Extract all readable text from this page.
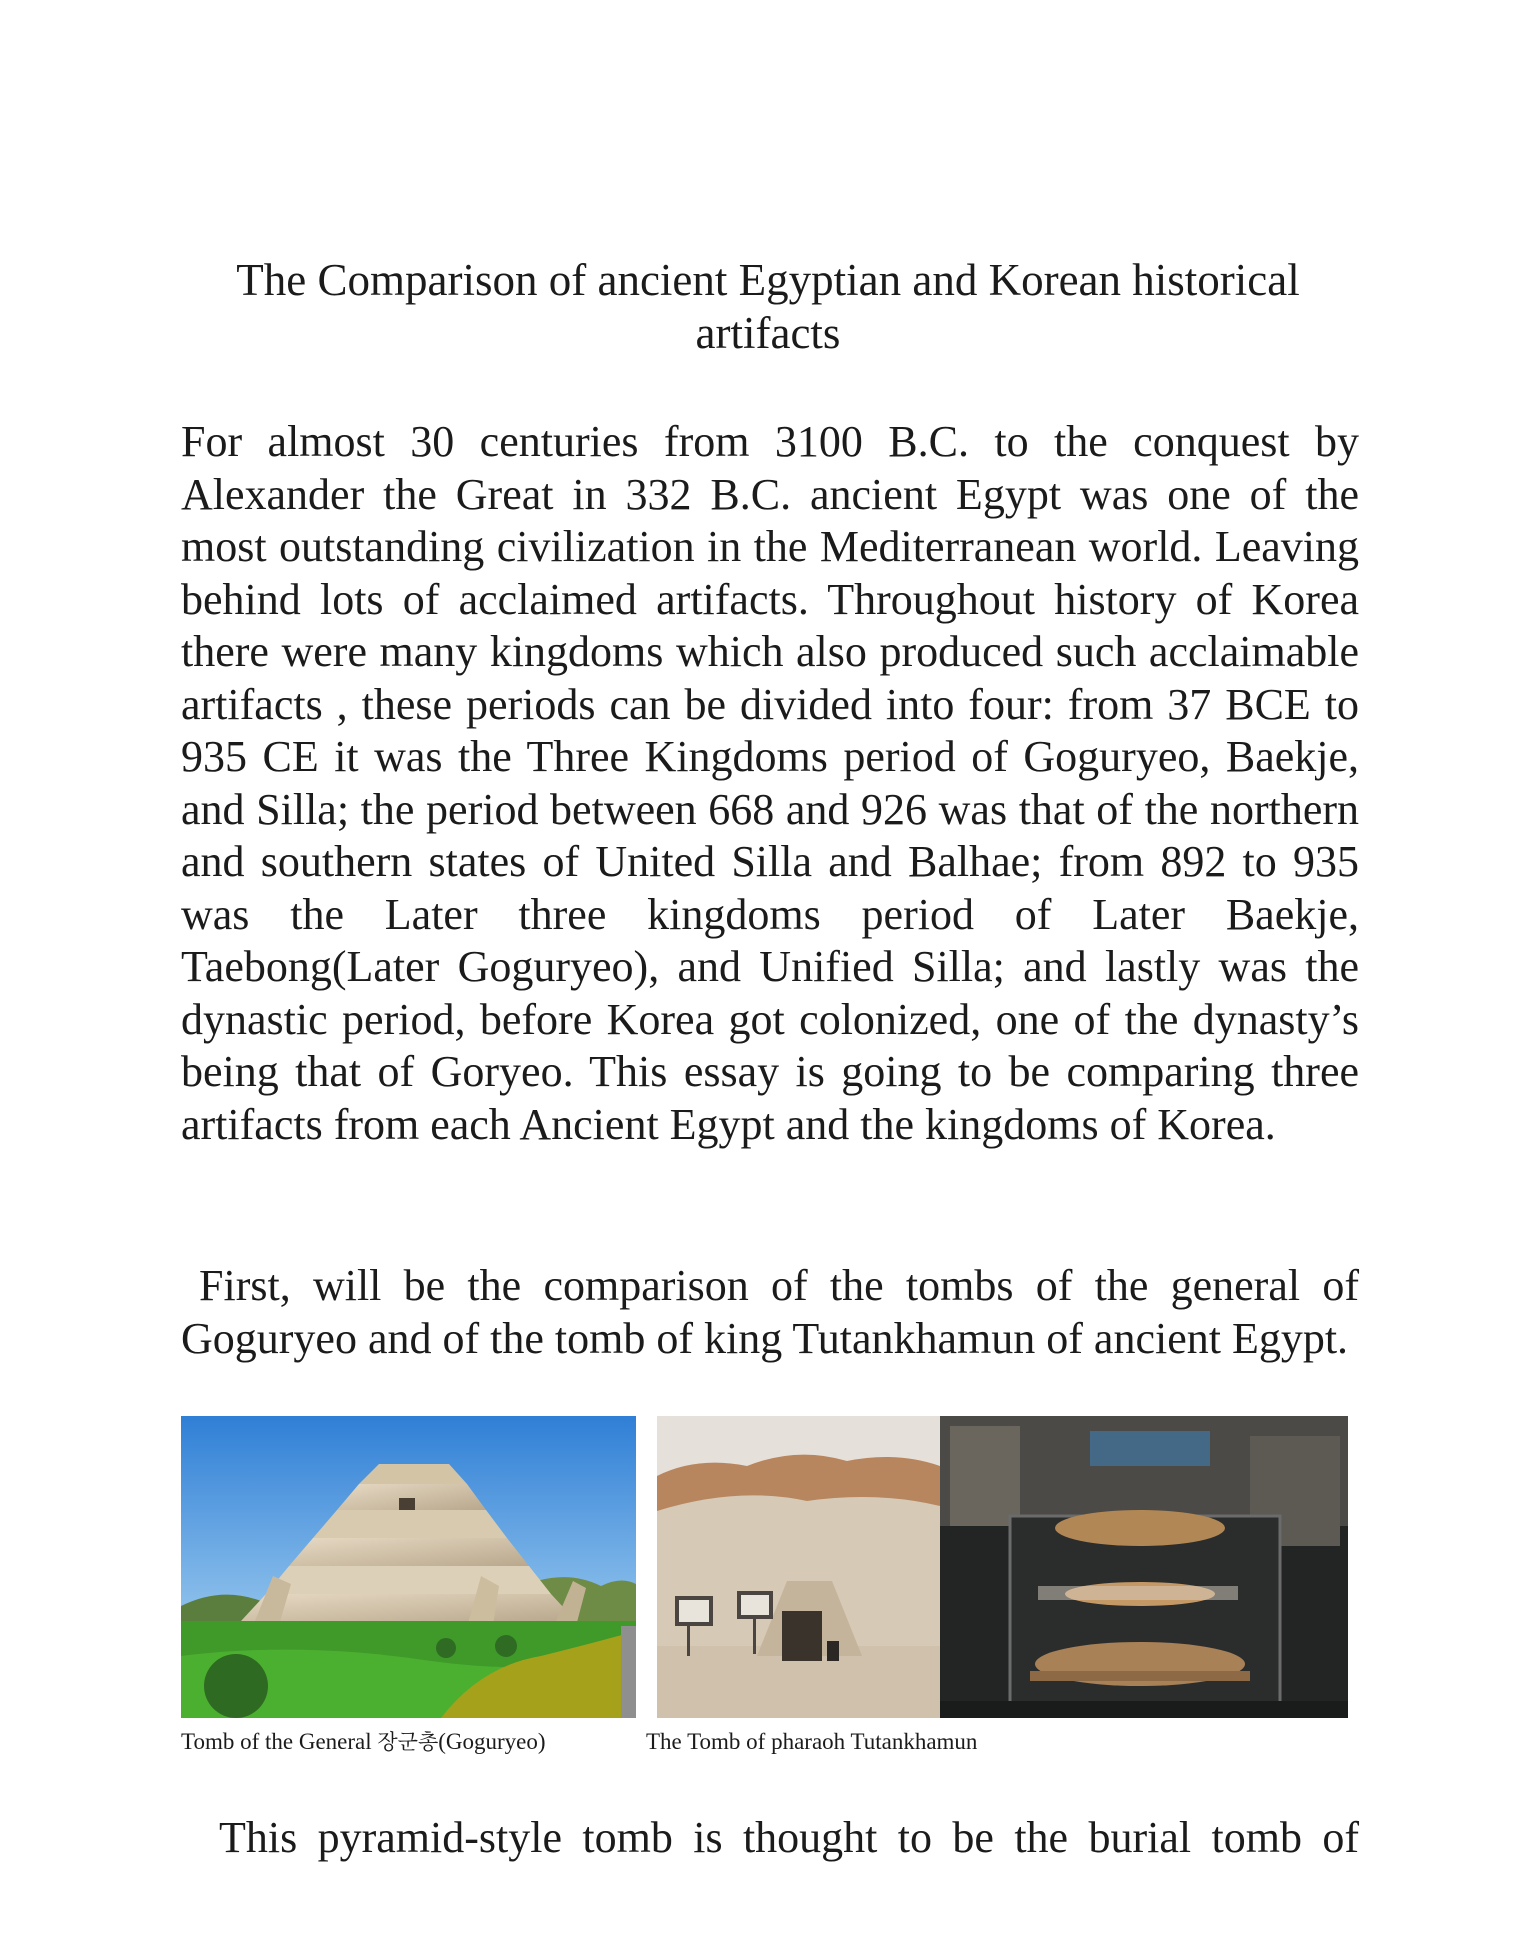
The Comparison of ancient Egyptian and Korean historical artifacts

For almost 30 centuries from 3100 B.C. to the conquest by Alexander the Great in 332 B.C. ancient Egypt was one of the most outstanding civilization in the Mediterranean world. Leaving behind lots of acclaimed artifacts. Throughout history of Korea there were many kingdoms which also produced such acclaimable artifacts , these periods can be divided into four: from 37 BCE to 935 CE it was the Three Kingdoms period of Goguryeo, Baekje, and Silla; the period between 668 and 926 was that of the northern and southern states of United Silla and Balhae; from 892 to 935 was the Later three kingdoms period of Later Baekje, Taebong(Later Goguryeo), and Unified Silla; and lastly was the dynastic period, before Korea got colonized, one of the dynasty’s being that of Goryeo. This essay is going to be comparing three artifacts from each Ancient Egypt and the kingdoms of Korea.

First, will be the comparison of the tombs of the general of Goguryeo and of the tomb of king Tutankhamun of ancient Egypt.

Tomb of the General 장군총(Goguryeo)	The Tomb of pharaoh Tutankhamun

This pyramid-style tomb is thought to be the burial tomb of
